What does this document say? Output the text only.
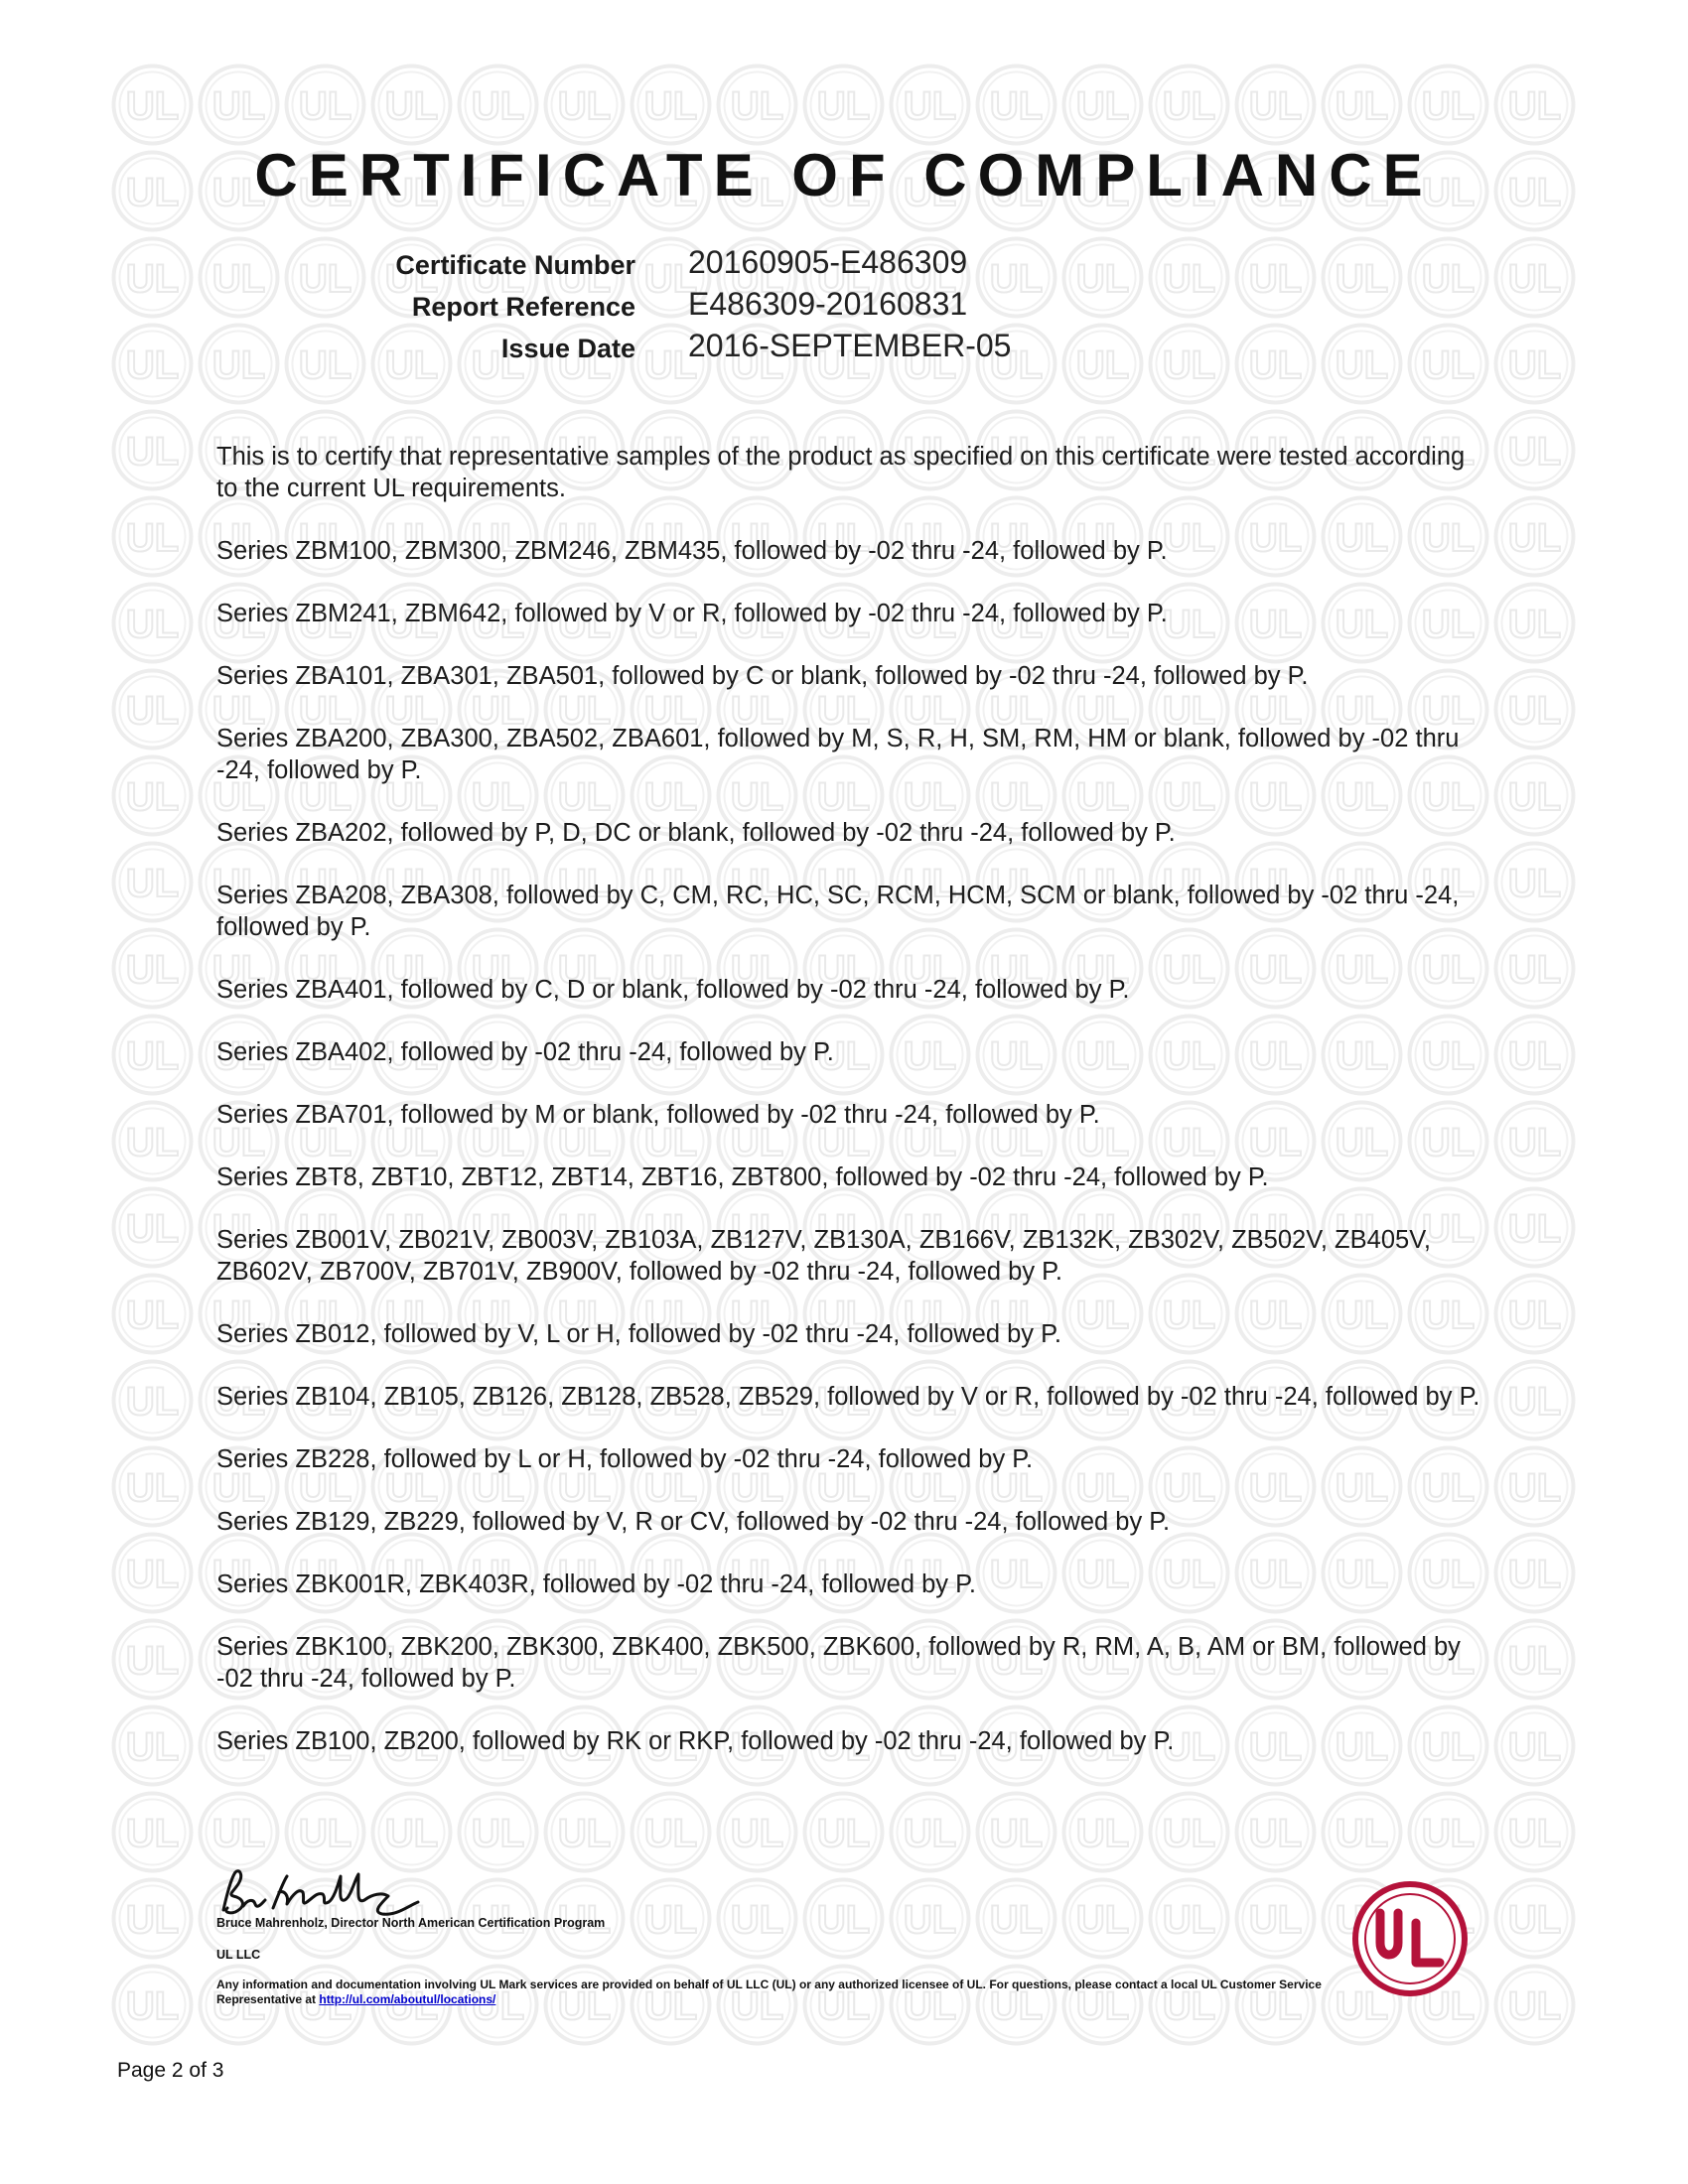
CERTIFICATE OF COMPLIANCE
Certificate Number 20160905-E486309
Report Reference E486309-20160831
Issue Date 2016-SEPTEMBER-05

This is to certify that representative samples of the product as specified on this certificate were tested according to the current UL requirements.

Series ZBM100, ZBM300, ZBM246, ZBM435, followed by -02 thru -24, followed by P.

Series ZBM241, ZBM642, followed by V or R, followed by -02 thru -24, followed by P.

Series ZBA101, ZBA301, ZBA501, followed by C or blank, followed by -02 thru -24, followed by P.

Series ZBA200, ZBA300, ZBA502, ZBA601, followed by M, S, R, H, SM, RM, HM or blank, followed by -02 thru -24, followed by P.

Series ZBA202, followed by P, D, DC or blank, followed by -02 thru -24, followed by P.

Series ZBA208, ZBA308, followed by C, CM, RC, HC, SC, RCM, HCM, SCM or blank, followed by -02 thru -24, followed by P.

Series ZBA401, followed by C, D or blank, followed by -02 thru -24, followed by P.

Series ZBA402, followed by -02 thru -24, followed by P.

Series ZBA701, followed by M or blank, followed by -02 thru -24, followed by P.

Series ZBT8, ZBT10, ZBT12, ZBT14, ZBT16, ZBT800, followed by -02 thru -24, followed by P.

Series ZB001V, ZB021V, ZB003V, ZB103A, ZB127V, ZB130A, ZB166V, ZB132K, ZB302V, ZB502V, ZB405V, ZB602V, ZB700V, ZB701V, ZB900V, followed by -02 thru -24, followed by P.

Series ZB012, followed by V, L or H, followed by -02 thru -24, followed by P.

Series ZB104, ZB105, ZB126, ZB128, ZB528, ZB529, followed by V or R, followed by -02 thru -24, followed by P.

Series ZB228, followed by L or H, followed by -02 thru -24, followed by P.

Series ZB129, ZB229, followed by V, R or CV, followed by -02 thru -24, followed by P.

Series ZBK001R, ZBK403R, followed by -02 thru -24, followed by P.

Series ZBK100, ZBK200, ZBK300, ZBK400, ZBK500, ZBK600, followed by R, RM, A, B, AM or BM, followed by -02 thru -24, followed by P.

Series ZB100, ZB200, followed by RK or RKP, followed by -02 thru -24, followed by P.

Bruce Mahrenholz, Director North American Certification Program
UL LLC
Any information and documentation involving UL Mark services are provided on behalf of UL LLC (UL) or any authorized licensee of UL. For questions, please contact a local UL Customer Service Representative at http://ul.com/aboutul/locations/
Page 2 of 3
